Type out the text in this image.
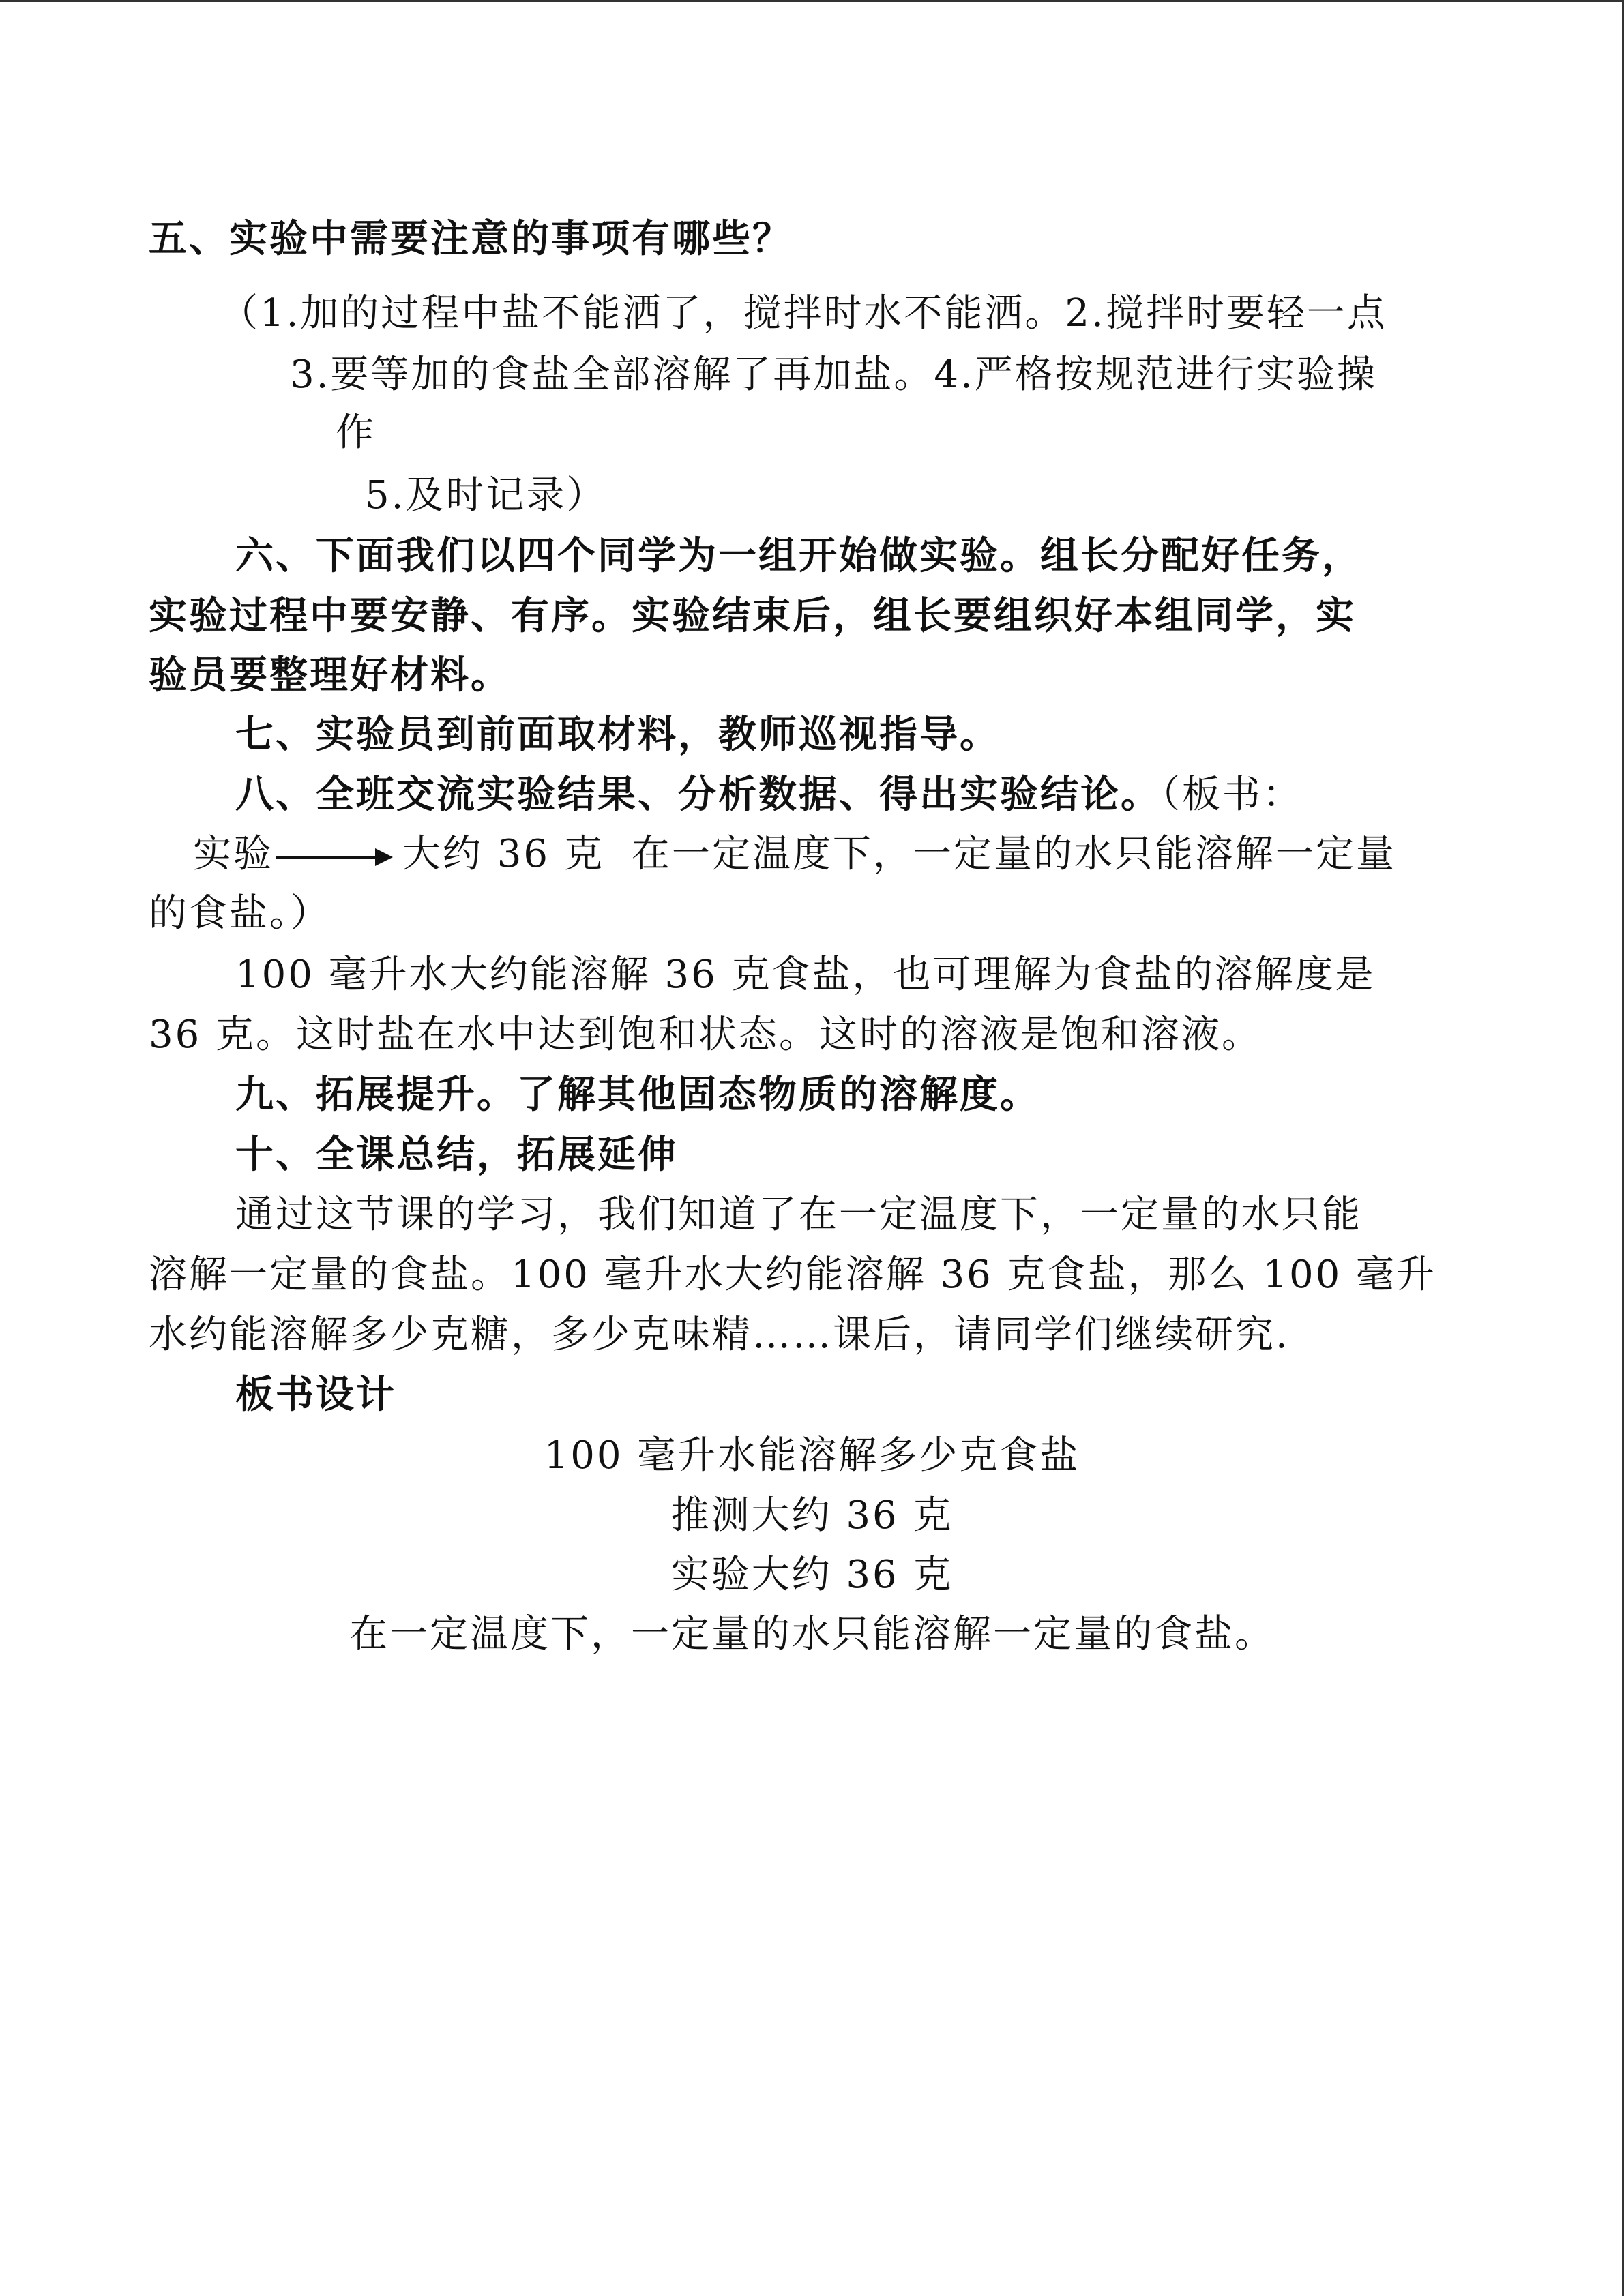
五、实验中需要注意的事项有哪些？

（1.加的过程中盐不能洒了，搅拌时水不能洒。2.搅拌时要轻一点

3.要等加的食盐全部溶解了再加盐。4.严格按规范进行实验操

作

5.及时记录）

六、下面我们以四个同学为一组开始做实验。组长分配好任务，

实验过程中要安静、有序。实验结束后，组长要组织好本组同学，实

验员要整理好材料。

七、实验员到前面取材料，教师巡视指导。

八、全班交流实验结果、分析数据、得出实验结论。（板书：

实验	大约 36 克 在一定温度下，一定量的水只能溶解一定量

的食盐。）

100 毫升水大约能溶解 36 克食盐，也可理解为食盐的溶解度是

36 克。这时盐在水中达到饱和状态。这时的溶液是饱和溶液。

九、拓展提升。了解其他固态物质的溶解度。

十、全课总结，拓展延伸

通过这节课的学习，我们知道了在一定温度下，一定量的水只能

溶解一定量的食盐。100 毫升水大约能溶解 36 克食盐，那么 100 毫升

水约能溶解多少克糖，多少克味精……课后，请同学们继续研究.

板书设计

100 毫升水能溶解多少克食盐

推测大约 36 克

实验大约 36 克

在一定温度下，一定量的水只能溶解一定量的食盐。
